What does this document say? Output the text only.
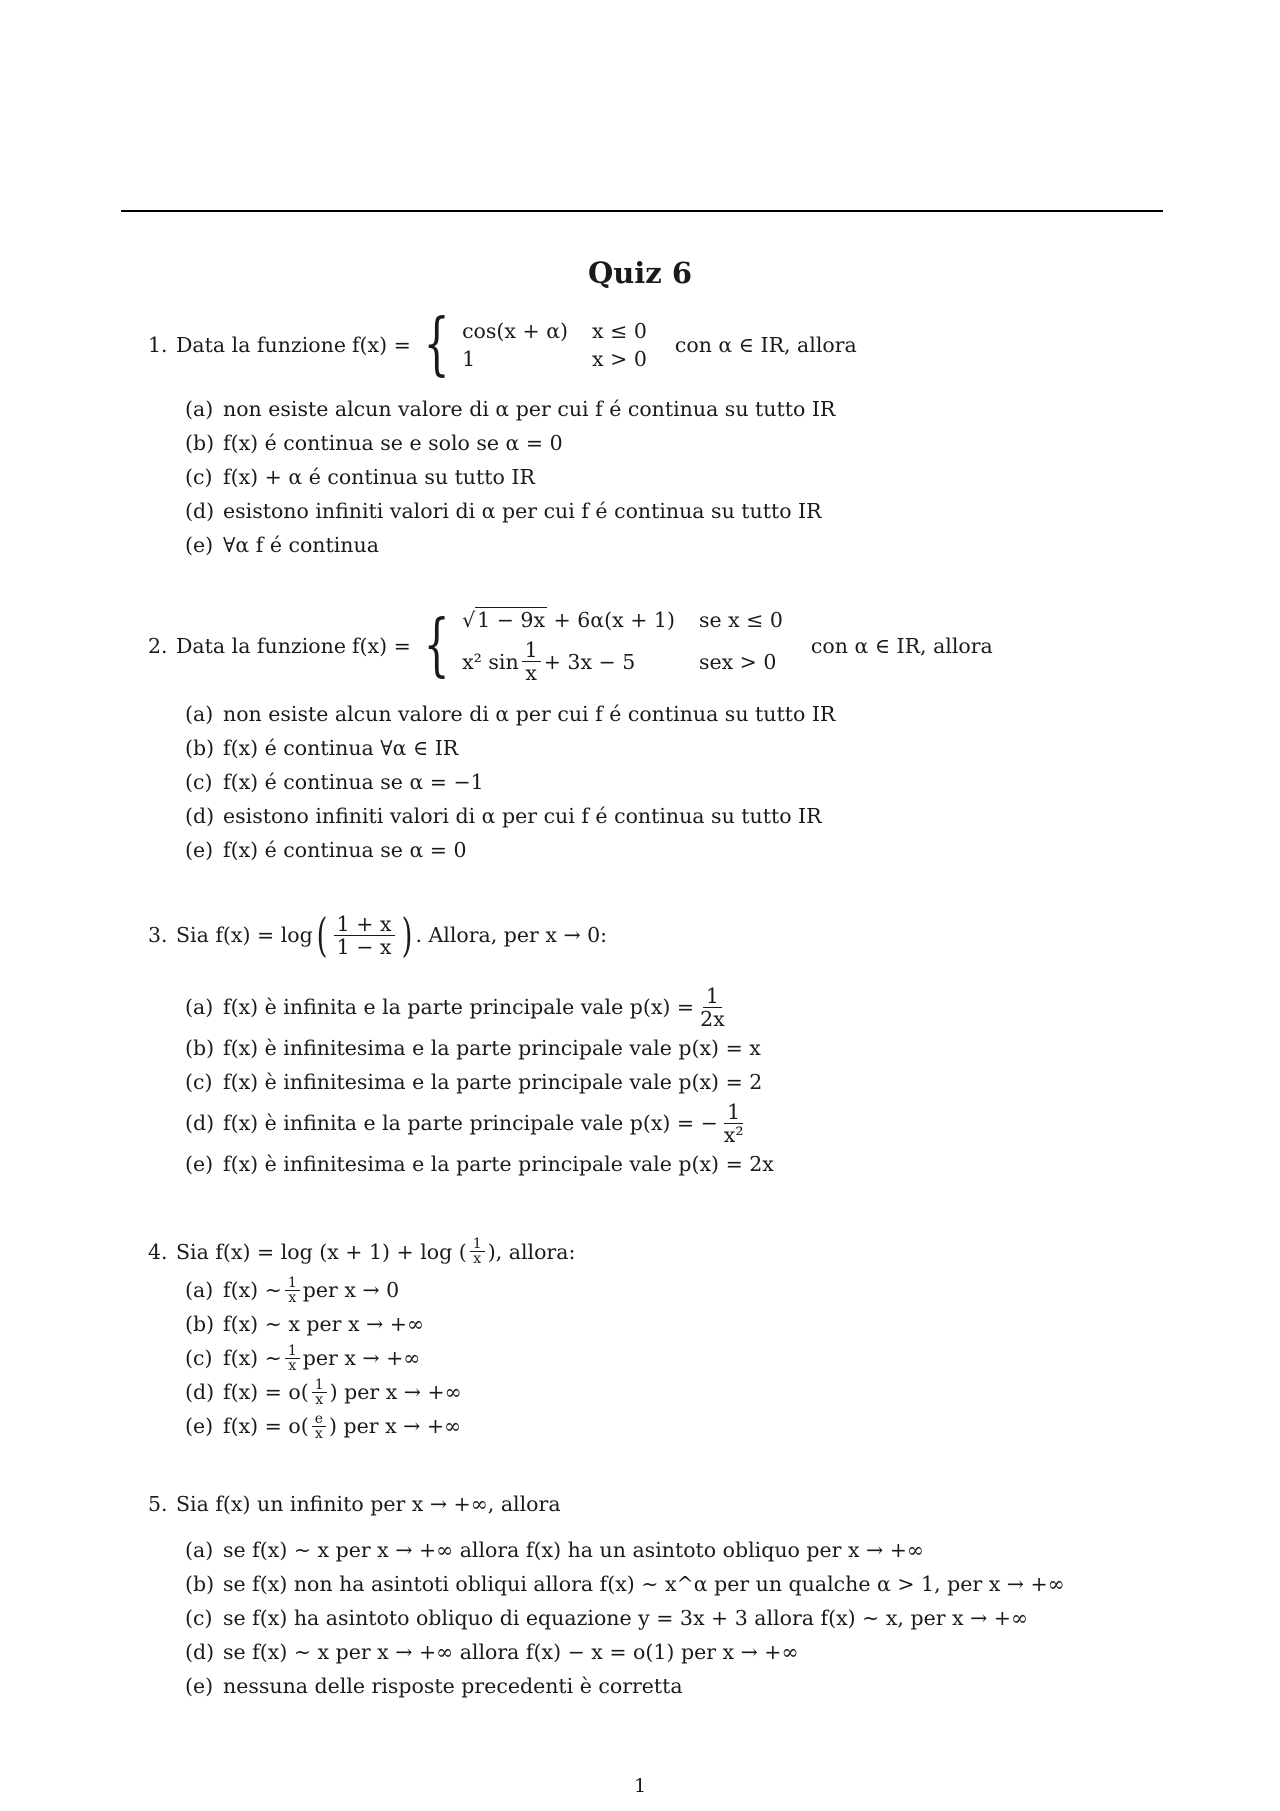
Quiz 6
1. Data la funzione f(x) = { cos(x + α) x ≤ 0
1	x > 0
con α ∈ IR, allora
(a) non esiste alcun valore di α per cui f é continua su tutto IR
(b) f(x) é continua se e solo se α = 0
(c) f(x) + α é continua su tutto IR
(d) esistono infiniti valori di α per cui f é continua su tutto IR
(e) ∀α f é continua
2. Data la funzione f(x) = { √1 − 9x + 6α(x + 1) se x ≤ 0
x² $\sin \frac{1}{x} + 3x - 5$	sex > 0
con α ∈ IR, allora
(a) non esiste alcun valore di α per cui f é continua su tutto IR
(b) f(x) é continua ∀α ∈ IR
(c) f(x) é continua se α = −1
(d) esistono infiniti valori di α per cui f é continua su tutto IR
(e) f(x) é continua se α = 0
3. Sia f(x) = log ( $\frac{1 + x}{1 - x}$ ) . Allora, per x → 0:
(a) f(x) è infinita e la parte principale vale $p(x) = \frac{1}{2x}$
(b) f(x) è infinitesima e la parte principale vale p(x) = x
(c) f(x) è infinitesima e la parte principale vale p(x) = 2
(d) f(x) è infinita e la parte principale vale p(x) = − $\frac{1}{\text{x²}}$
(e) f(x) è infinitesima e la parte principale vale p(x) = 2x
4. Sia f(x) = log (x + 1) + log ( $\frac{1}{x}$ ), allora:
(a) f(x) ∼ $\frac{1}{x}$ per x → 0
(b) f(x) ∼ x per x → +∞
(c) f(x) ∼ $\frac{1}{x}$ per x → +∞
(d) $f(x) = o( \frac{1}{x}$ ) per x → +∞
(e) $f(x) = o( \frac{e}{x}$ ) per x → +∞
5. Sia f(x) un infinito per x → +∞, allora
(a) se f(x) ∼ x per x → +∞ allora f(x) ha un asintoto obliquo per x → +∞
(b) se f(x) non ha asintoti obliqui allora f(x) ∼ x^α per un qualche α > 1, per x → +∞
(c) se f(x) ha asintoto obliquo di equazione y = 3x + 3 allora f(x) ∼ x, per x → +∞
(d) se f(x) ∼ x per x → +∞ allora f(x) − x = o(1) per x → +∞
(e) nessuna delle risposte precedenti è corretta
1
